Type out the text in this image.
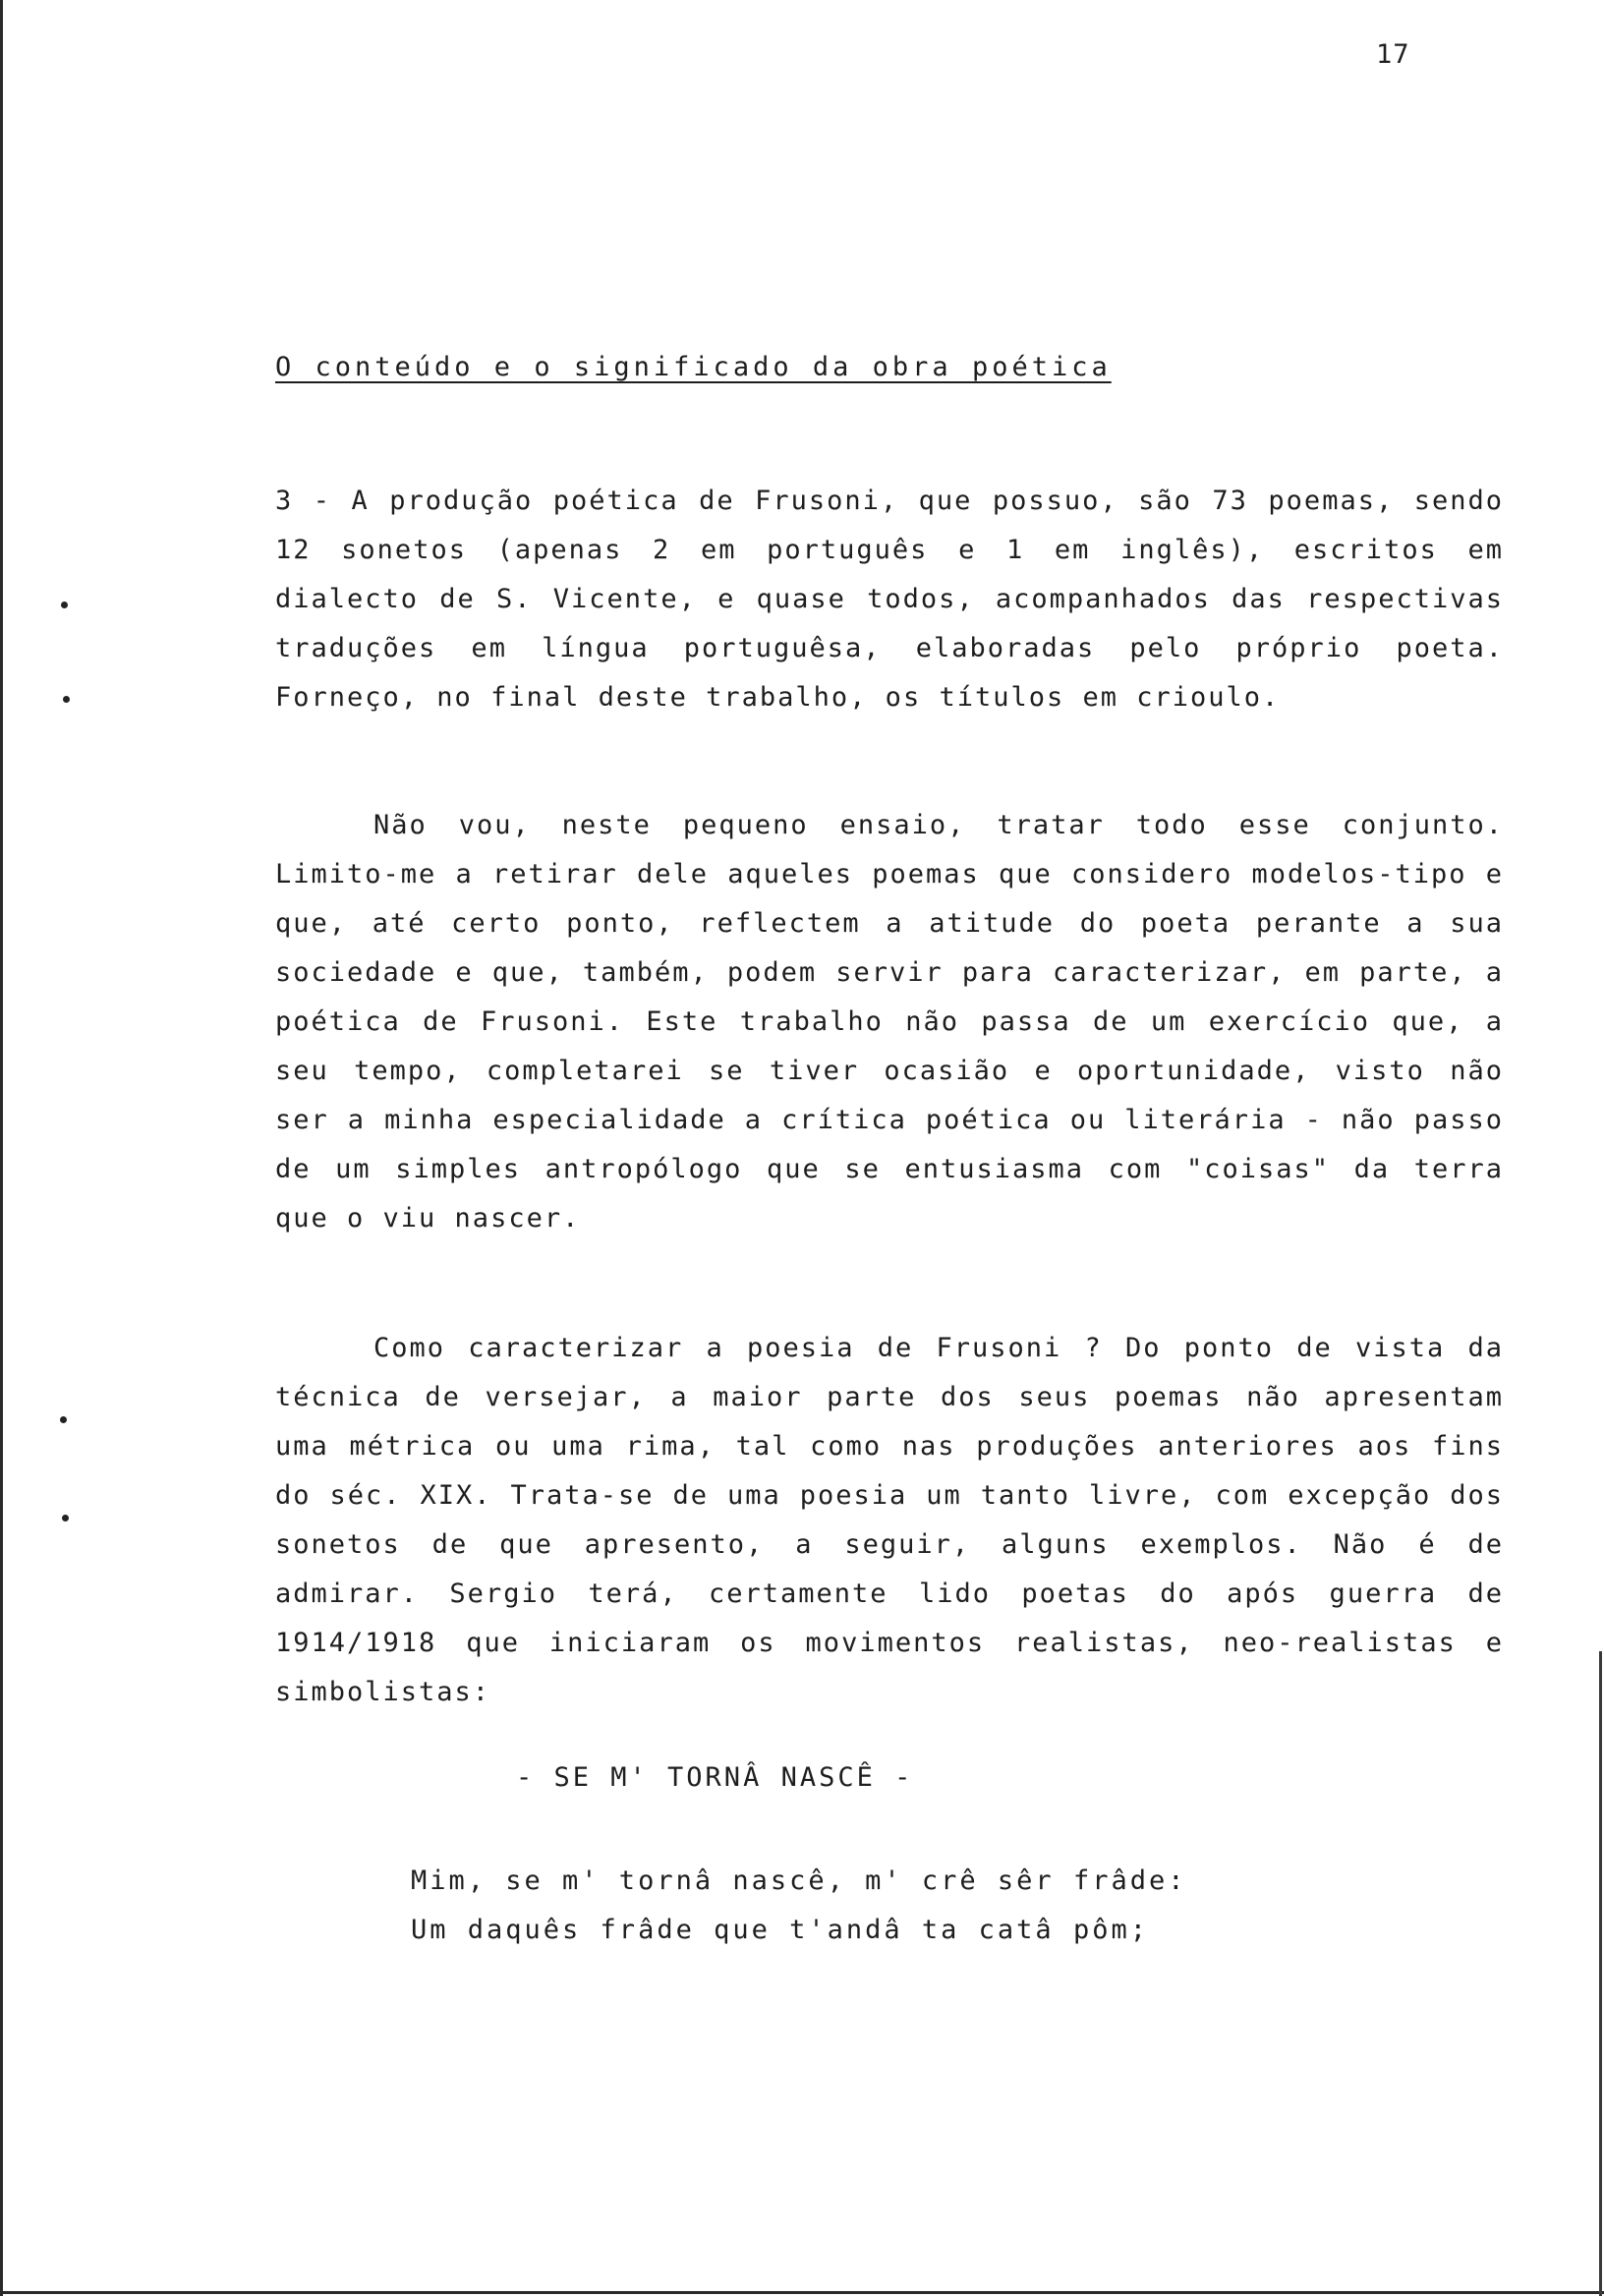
17
O conteúdo e o significado da obra poética

3 - A produção poética de Frusoni, que possuo, são 73 poemas, sendo 12 sonetos (apenas 2 em português e 1 em inglês), escritos em dialecto de S. Vicente, e quase todos, acompanhados das respectivas traduções em língua portuguêsa, elaboradas pelo próprio poeta. Forneço, no final deste trabalho, os títulos em crioulo.

Não vou, neste pequeno ensaio, tratar todo esse conjunto. Limito-me a retirar dele aqueles poemas que considero modelos-tipo e que, até certo ponto, reflectem a atitude do poeta perante a sua sociedade e que, também, podem servir para caracterizar, em parte, a poética de Frusoni. Este trabalho não passa de um exercício que, a seu tempo, completarei se tiver ocasião e oportunidade, visto não ser a minha especialidade a crítica poética ou literária - não passo de um simples antropólogo que se entusiasma com "coisas" da terra que o viu nascer.

Como caracterizar a poesia de Frusoni ? Do ponto de vista da técnica de versejar, a maior parte dos seus poemas não apresentam uma métrica ou uma rima, tal como nas produções anteriores aos fins do séc. XIX. Trata-se de uma poesia um tanto livre, com excepção dos sonetos de que apresento, a seguir, alguns exemplos. Não é de admirar. Sergio terá, certamente lido poetas do após guerra de 1914/1918 que iniciaram os movimentos realistas, neo-realistas e simbolistas:

- SE M' TORNÂ NASCÊ -
Mim, se m' tornâ nascê, m' crê sêr frâde:
Um daquês frâde que t'andâ ta catâ pôm;
